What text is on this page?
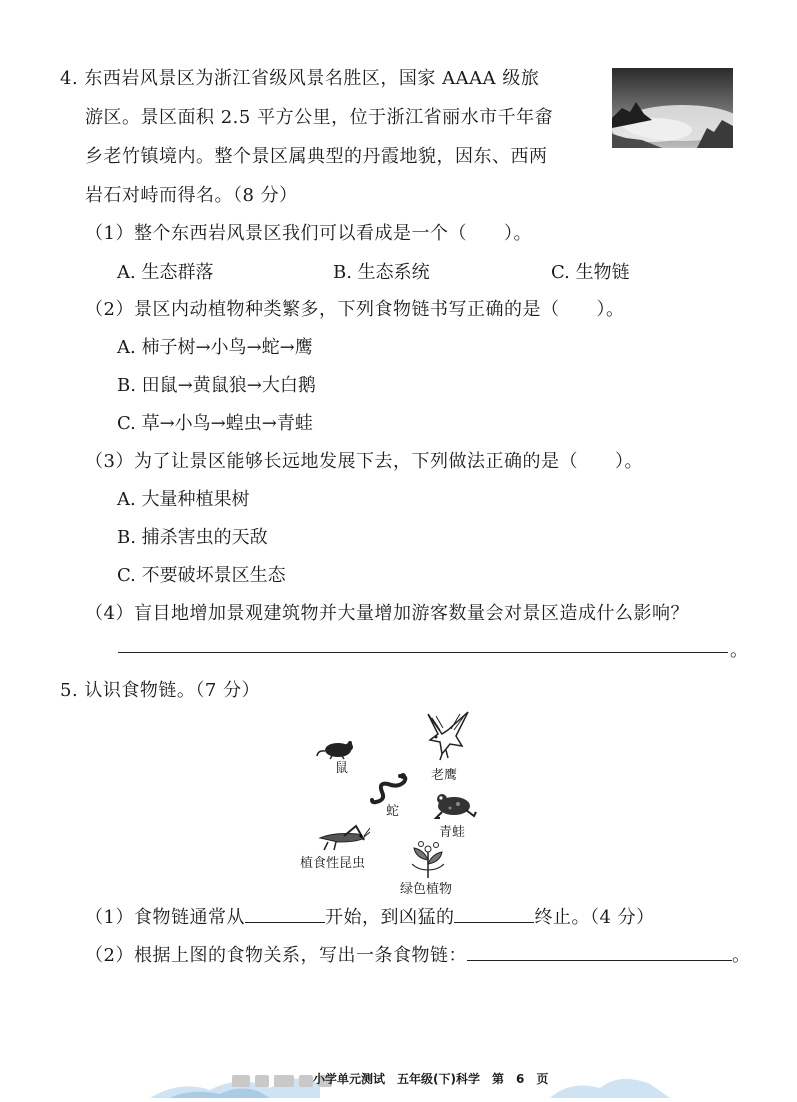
4. 东西岩风景区为浙江省级风景名胜区，国家 AAAA 级旅
游区。景区面积 2.5 平方公里，位于浙江省丽水市千年畲
乡老竹镇境内。整个景区属典型的丹霞地貌，因东、西两
岩石对峙而得名。（8 分）
（1）整个东西岩风景区我们可以看成是一个（　　）。
A. 生态群落	B. 生态系统	C. 生物链
（2）景区内动植物种类繁多，下列食物链书写正确的是（　　）。
A. 柿子树→小鸟→蛇→鹰
B. 田鼠→黄鼠狼→大白鹅
C. 草→小鸟→蝗虫→青蛙
（3）为了让景区能够长远地发展下去，下列做法正确的是（　　）。
A. 大量种植果树
B. 捕杀害虫的天敌
C. 不要破坏景区生态
（4）盲目地增加景观建筑物并大量增加游客数量会对景区造成什么影响？
。
5. 认识食物链。（7 分）
鼠	老鹰
蛇
青蛙
植食性昆虫
绿色植物
（1）食物链通常从	开始，到凶猛的	终止。（4 分）
（2）根据上图的食物关系，写出一条食物链：	。

小学单元测试　五年级(下)科学　第　6　页
